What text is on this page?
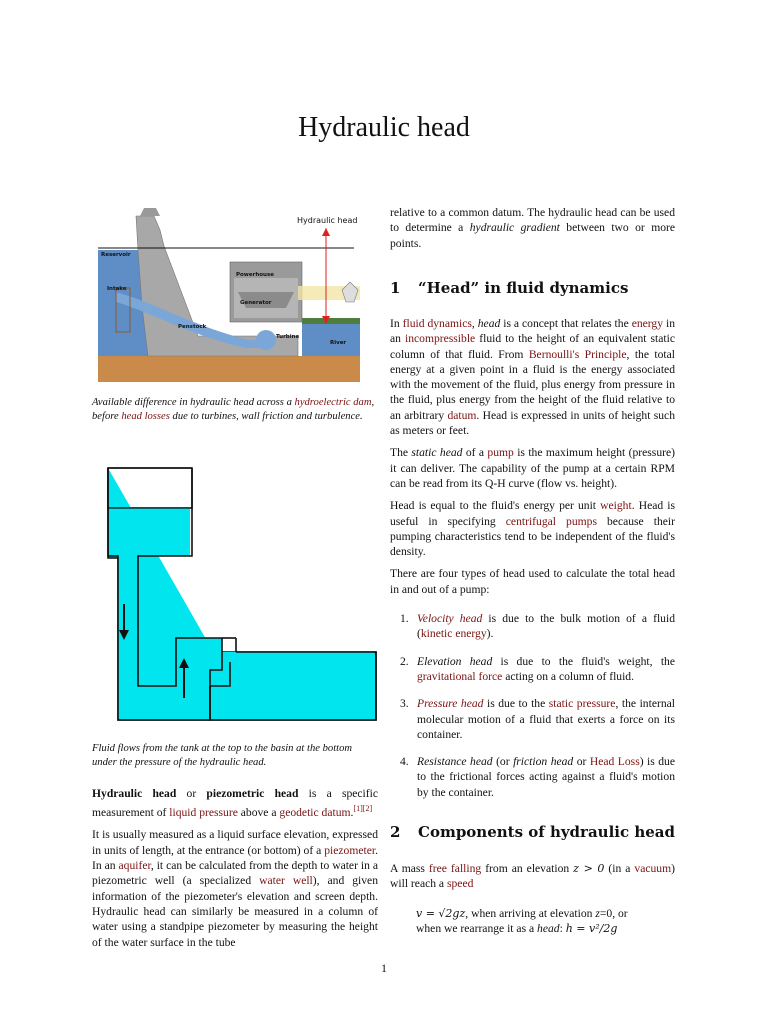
Hydraulic head
Hydraulic head
Reservoir
Intake
Powerhouse
Generator
Penstock
Turbine
River
Available difference in hydraulic head across a hydroelectric dam, before head losses due to turbines, wall friction and turbulence.
Fluid flows from the tank at the top to the basin at the bottom under the pressure of the hydraulic head.

Hydraulic head or piezometric head is a specific measurement of liquid pressure above a geodetic datum.[1][2]

It is usually measured as a liquid surface elevation, expressed in units of length, at the entrance (or bottom) of a piezometer. In an aquifer, it can be calculated from the depth to water in a piezometric well (a specialized water well), and given information of the piezometer's elevation and screen depth. Hydraulic head can similarly be measured in a column of water using a standpipe piezometer by measuring the height of the water surface in the tube

relative to a common datum. The hydraulic head can be used to determine a hydraulic gradient between two or more points.

1 “Head” in fluid dynamics

In fluid dynamics, head is a concept that relates the energy in an incompressible fluid to the height of an equivalent static column of that fluid. From Bernoulli's Principle, the total energy at a given point in a fluid is the energy associated with the movement of the fluid, plus energy from pressure in the fluid, plus energy from the height of the fluid relative to an arbitrary datum. Head is expressed in units of height such as meters or feet.

The static head of a pump is the maximum height (pressure) it can deliver. The capability of the pump at a certain RPM can be read from its Q-H curve (flow vs. height).

Head is equal to the fluid's energy per unit weight. Head is useful in specifying centrifugal pumps because their pumping characteristics tend to be independent of the fluid's density.

There are four types of head used to calculate the total head in and out of a pump:

1. Velocity head is due to the bulk motion of a fluid (kinetic energy).
2. Elevation head is due to the fluid's weight, the gravitational force acting on a column of fluid.
3. Pressure head is due to the static pressure, the internal molecular motion of a fluid that exerts a force on its container.
4. Resistance head (or friction head or Head Loss) is due to the frictional forces acting against a fluid's motion by the container.
2 Components of hydraulic head

A mass free falling from an elevation z > 0 (in a vacuum) will reach a speed

v = √2gz, when arriving at elevation z=0, or
when we rearrange it as a head: h = v²/2g
1
